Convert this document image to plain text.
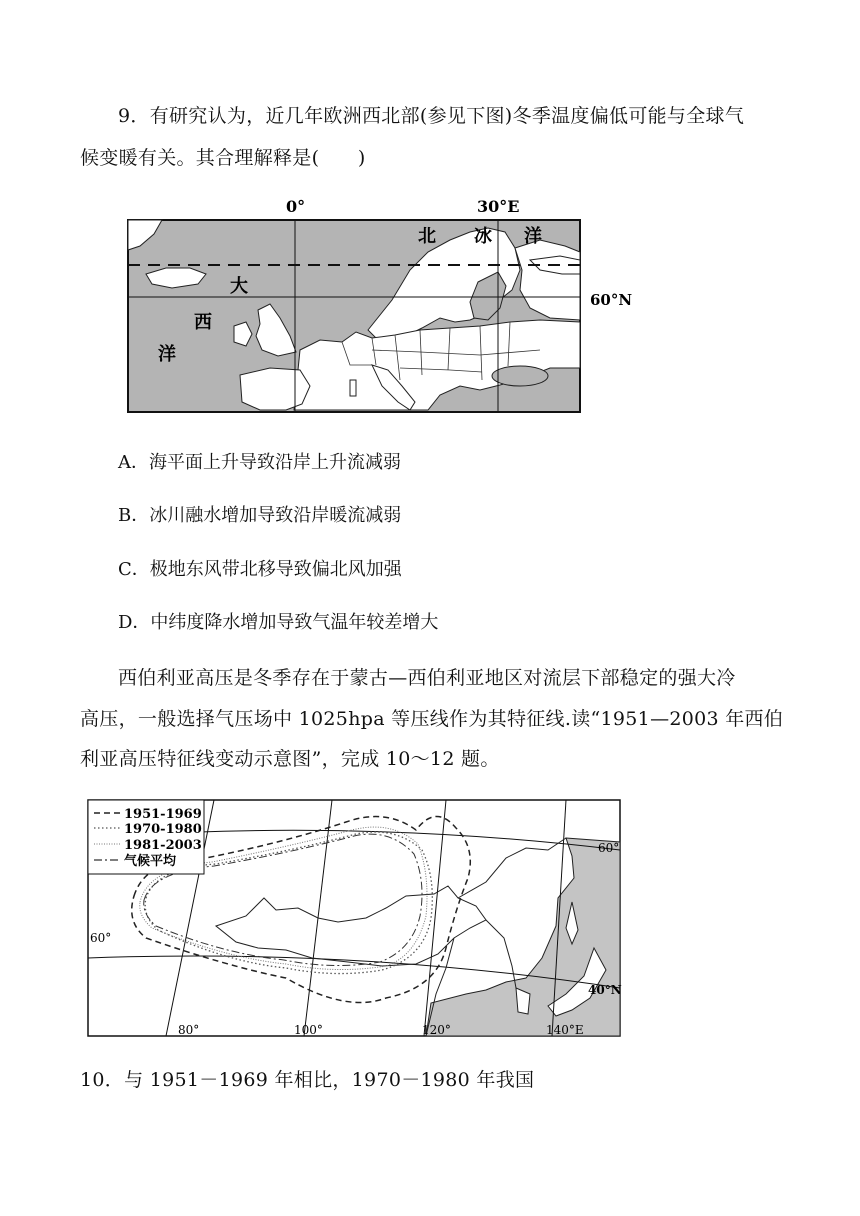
9．有研究认为，近几年欧洲西北部(参见下图)冬季温度偏低可能与全球气
候变暖有关。其合理解释是(　　)
0°	30°E
60°N
北 冰 洋
大
西
洋
A．海平面上升导致沿岸上升流减弱
B．冰川融水增加导致沿岸暖流减弱
C．极地东风带北移导致偏北风加强
D．中纬度降水增加导致气温年较差增大
西伯利亚高压是冬季存在于蒙古—西伯利亚地区对流层下部稳定的强大冷
高压，一般选择气压场中 1025hpa 等压线作为其特征线.读“1951—2003 年西伯
利亚高压特征线变动示意图”，完成 10～12 题。
1951-1969
1970-1980
1981-2003
气候平均
60°
60°
40°N
80°	100°	120°	140°E
10．与 1951－1969 年相比，1970－1980 年我国
